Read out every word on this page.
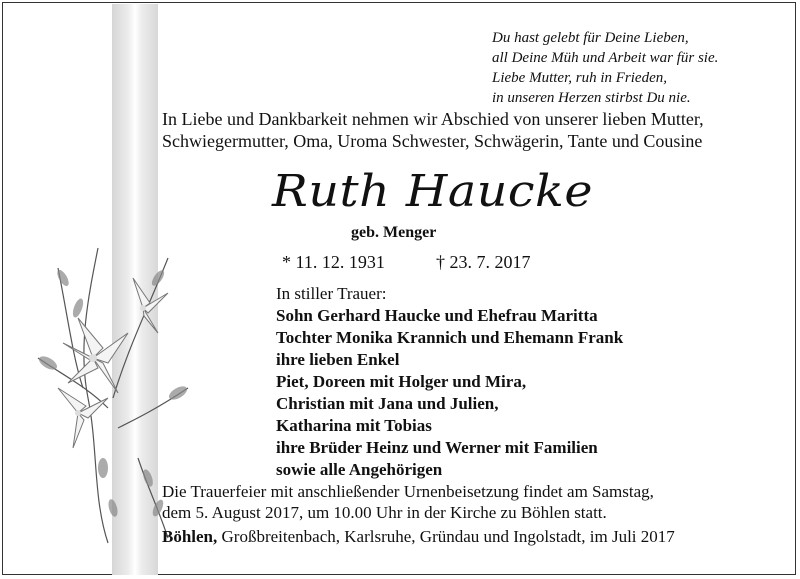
Du hast gelebt für Deine Lieben,
all Deine Müh und Arbeit war für sie.
Liebe Mutter, ruh in Frieden,
in unseren Herzen stirbst Du nie.
In Liebe und Dankbarkeit nehmen wir Abschied von unserer lieben Mutter,
Schwiegermutter, Oma, Uroma Schwester, Schwägerin, Tante und Cousine
Ruth Haucke
geb. Menger
* 11. 12. 1931	† 23. 7. 2017
In stiller Trauer:
Sohn Gerhard Haucke und Ehefrau Maritta
Tochter Monika Krannich und Ehemann Frank
ihre lieben Enkel
Piet, Doreen mit Holger und Mira,
Christian mit Jana und Julien,
Katharina mit Tobias
ihre Brüder Heinz und Werner mit Familien
sowie alle Angehörigen
Die Trauerfeier mit anschließender Urnenbeisetzung findet am Samstag,
dem 5. August 2017, um 10.00 Uhr in der Kirche zu Böhlen statt.
Böhlen, Großbreitenbach, Karlsruhe, Gründau und Ingolstadt, im Juli 2017
